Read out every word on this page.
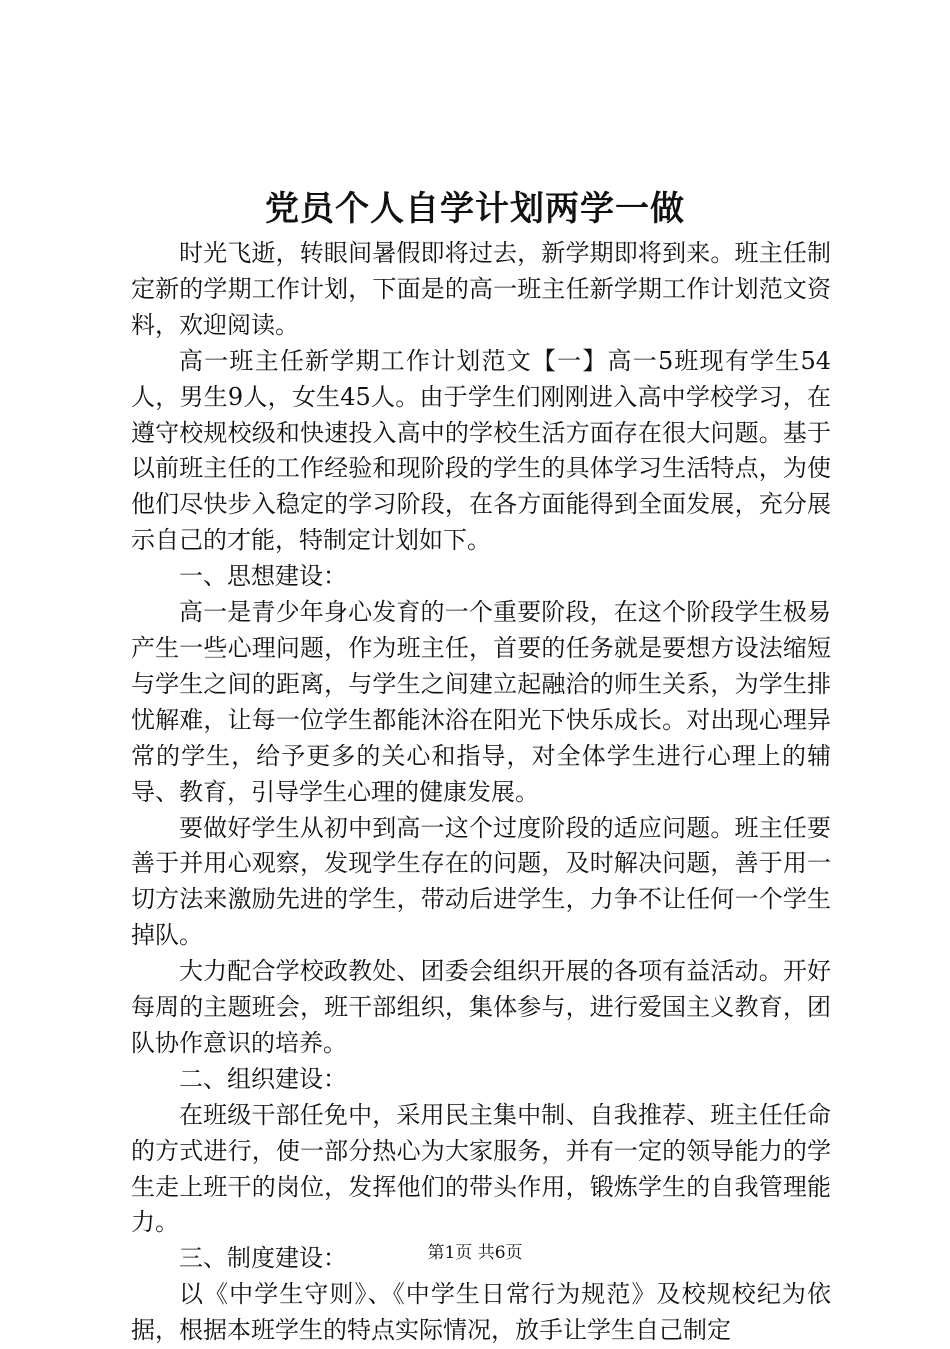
党员个人自学计划两学一做

时光飞逝，转眼间暑假即将过去，新学期即将到来。班主任制定新的学期工作计划，下面是的高一班主任新学期工作计划范文资料，欢迎阅读。

高一班主任新学期工作计划范文【一】高一5班现有学生54人，男生9人，女生45人。由于学生们刚刚进入高中学校学习，在遵守校规校级和快速投入高中的学校生活方面存在很大问题。基于以前班主任的工作经验和现阶段的学生的具体学习生活特点，为使他们尽快步入稳定的学习阶段，在各方面能得到全面发展，充分展示自己的才能，特制定计划如下。

一、思想建设：

高一是青少年身心发育的一个重要阶段，在这个阶段学生极易产生一些心理问题，作为班主任，首要的任务就是要想方设法缩短与学生之间的距离，与学生之间建立起融洽的师生关系，为学生排忧解难，让每一位学生都能沐浴在阳光下快乐成长。对出现心理异常的学生，给予更多的关心和指导，对全体学生进行心理上的辅导、教育，引导学生心理的健康发展。

要做好学生从初中到高一这个过度阶段的适应问题。班主任要善于并用心观察，发现学生存在的问题，及时解决问题，善于用一切方法来激励先进的学生，带动后进学生，力争不让任何一个学生掉队。

大力配合学校政教处、团委会组织开展的各项有益活动。开好每周的主题班会，班干部组织，集体参与，进行爱国主义教育，团队协作意识的培养。

二、组织建设：

在班级干部任免中，采用民主集中制、自我推荐、班主任任命的方式进行，使一部分热心为大家服务，并有一定的领导能力的学生走上班干的岗位，发挥他们的带头作用，锻炼学生的自我管理能力。

三、制度建设：

以《中学生守则》、《中学生日常行为规范》及校规校纪为依据，根据本班学生的特点实际情况，放手让学生自己制定

第1页 共6页
